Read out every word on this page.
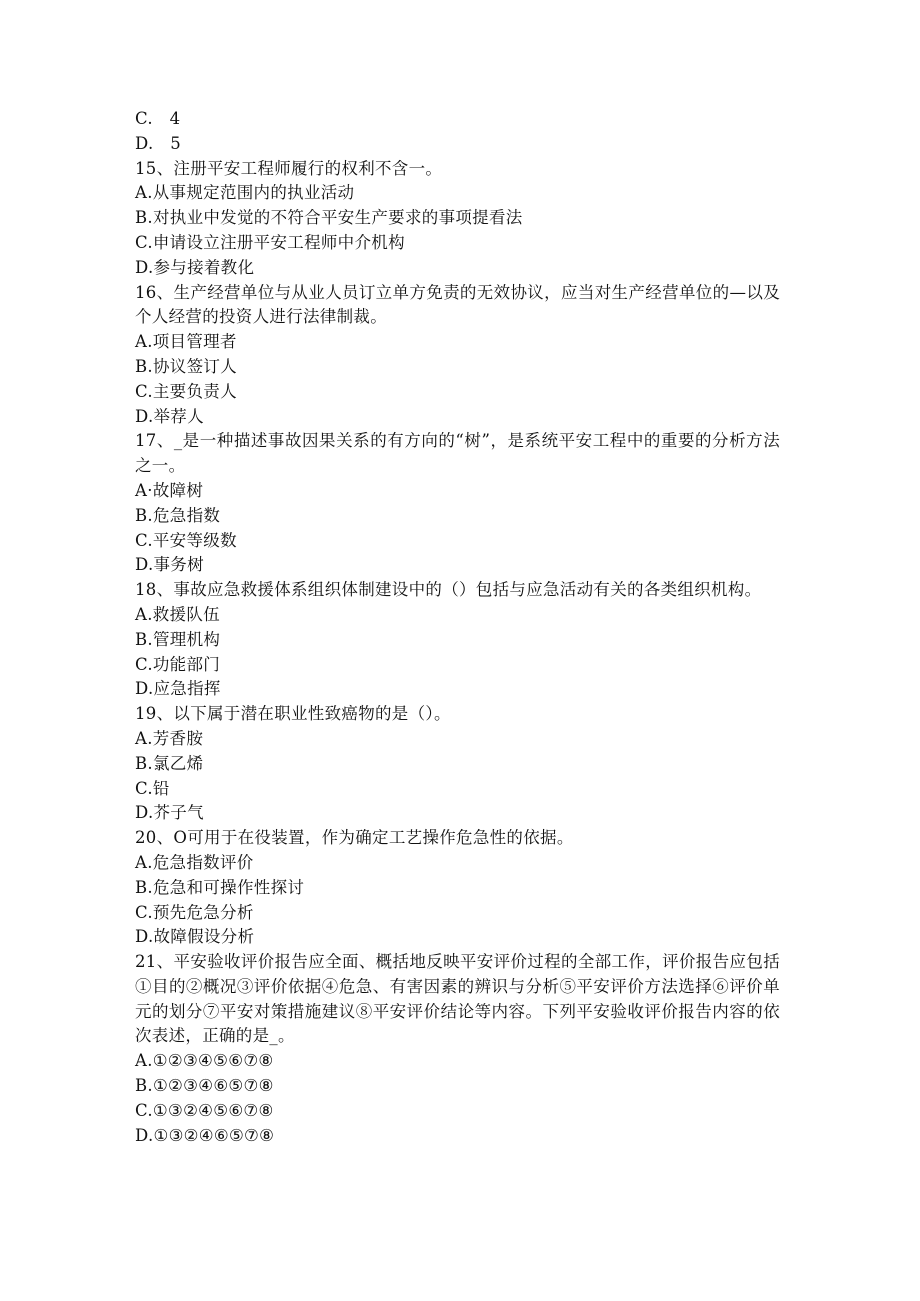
C.　4
D.　5
15、注册平安工程师履行的权利不含一。
A.从事规定范围内的执业活动
B.对执业中发觉的不符合平安生产要求的事项提看法
C.申请设立注册平安工程师中介机构
D.参与接着教化
16、生产经营单位与从业人员订立单方免责的无效协议，应当对生产经营单位的—以及个人经营的投资人进行法律制裁。
A.项目管理者
B.协议签订人
C.主要负责人
D.举荐人
17、_是一种描述事故因果关系的有方向的“树”，是系统平安工程中的重要的分析方法之一。
A·故障树
B.危急指数
C.平安等级数
D.事务树
18、事故应急救援体系组织体制建设中的（）包括与应急活动有关的各类组织机构。
A.救援队伍
B.管理机构
C.功能部门
D.应急指挥
19、以下属于潜在职业性致癌物的是（）。
A.芳香胺
B.氯乙烯
C.铅
D.芥子气
20、O可用于在役装置，作为确定工艺操作危急性的依据。
A.危急指数评价
B.危急和可操作性探讨
C.预先危急分析
D.故障假设分析
21、平安验收评价报告应全面、概括地反映平安评价过程的全部工作，评价报告应包括①目的②概况③评价依据④危急、有害因素的辨识与分析⑤平安评价方法选择⑥评价单元的划分⑦平安对策措施建议⑧平安评价结论等内容。下列平安验收评价报告内容的依次表述，正确的是_。
A.①②③④⑤⑥⑦⑧
B.①②③④⑥⑤⑦⑧
C.①③②④⑤⑥⑦⑧
D.①③②④⑥⑤⑦⑧
